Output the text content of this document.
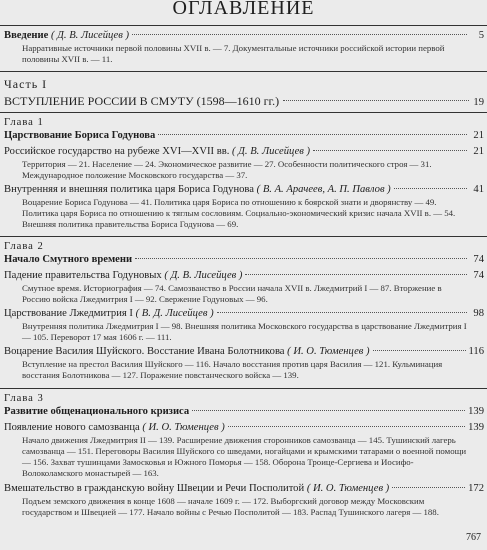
ОГЛАВЛЕНИЕ
Введение ( Д. В. Лисейцев )	5
Нарративные источники первой половины XVII в. — 7. Документальные источники российской истории первой половины XVII в. — 11.
Часть I
ВСТУПЛЕНИЕ РОССИИ В СМУТУ (1598—1610 гг.)	19
Глава 1
Царствование Бориса Годунова	21
Российское государство на рубеже XVI—XVII вв. ( Д. В. Лисейцев )	21
Территория — 21. Население — 24. Экономическое развитие — 27. Особенности политического строя — 31. Международное положение Московского государства — 37.
Внутренняя и внешняя политика царя Бориса Годунова ( В. А. Арачеев, А. П. Павлов )	41
Воцарение Бориса Годунова — 41. Политика царя Бориса по отношению к боярской знати и дворянству — 49. Политика царя Бориса по отношению к тяглым сословиям. Социально-экономический кризис начала XVII в. — 54. Внешняя политика правительства Бориса Годунова — 69.
Глава 2
Начало Смутного времени	74
Падение правительства Годуновых ( Д. В. Лисейцев )	74
Смутное время. Историография — 74. Самозванство в России начала XVII в. Лжедмитрий I — 87. Вторжение в Россию войска Лжедмитрия I — 92. Свержение Годуновых — 96.
Царствование Лжедмитрия I ( В. Д. Лисейцев )	98
Внутренняя политика Лжедмитрия I — 98. Внешняя политика Московского государства в царствование Лжедмитрия I — 105. Переворот 17 мая 1606 г. — 111.
Воцарение Василия Шуйского. Восстание Ивана Болотникова ( И. О. Тюменцев )	116
Вступление на престол Василия Шуйского — 116. Начало восстания против царя Василия — 121. Кульминация восстания Болотникова — 127. Поражение повстанческого войска — 139.
Глава 3
Развитие общенационального кризиса	139
Появление нового самозванца ( И. О. Тюменцев )	139
Начало движения Лжедмитрия II — 139. Расширение движения сторонников самозванца — 145. Тушинский лагерь самозванца — 151. Переговоры Василия Шуйского со шведами, ногайцами и крымскими татарами о военной помощи — 156. Захват тушинцами Замосковья и Южного Поморья — 158. Оборона Троице-Сергиева и Иосифо-Волоколамского монастырей — 163.
Вмешательство в гражданскую войну Швеции и Речи Посполитой ( И. О. Тюменцев )	172
Подъем земского движения в конце 1608 — начале 1609 г. — 172. Выборгский договор между Московским государством и Швецией — 177. Начало войны с Речью Посполитой — 183. Распад Тушинского лагеря — 188.
767
